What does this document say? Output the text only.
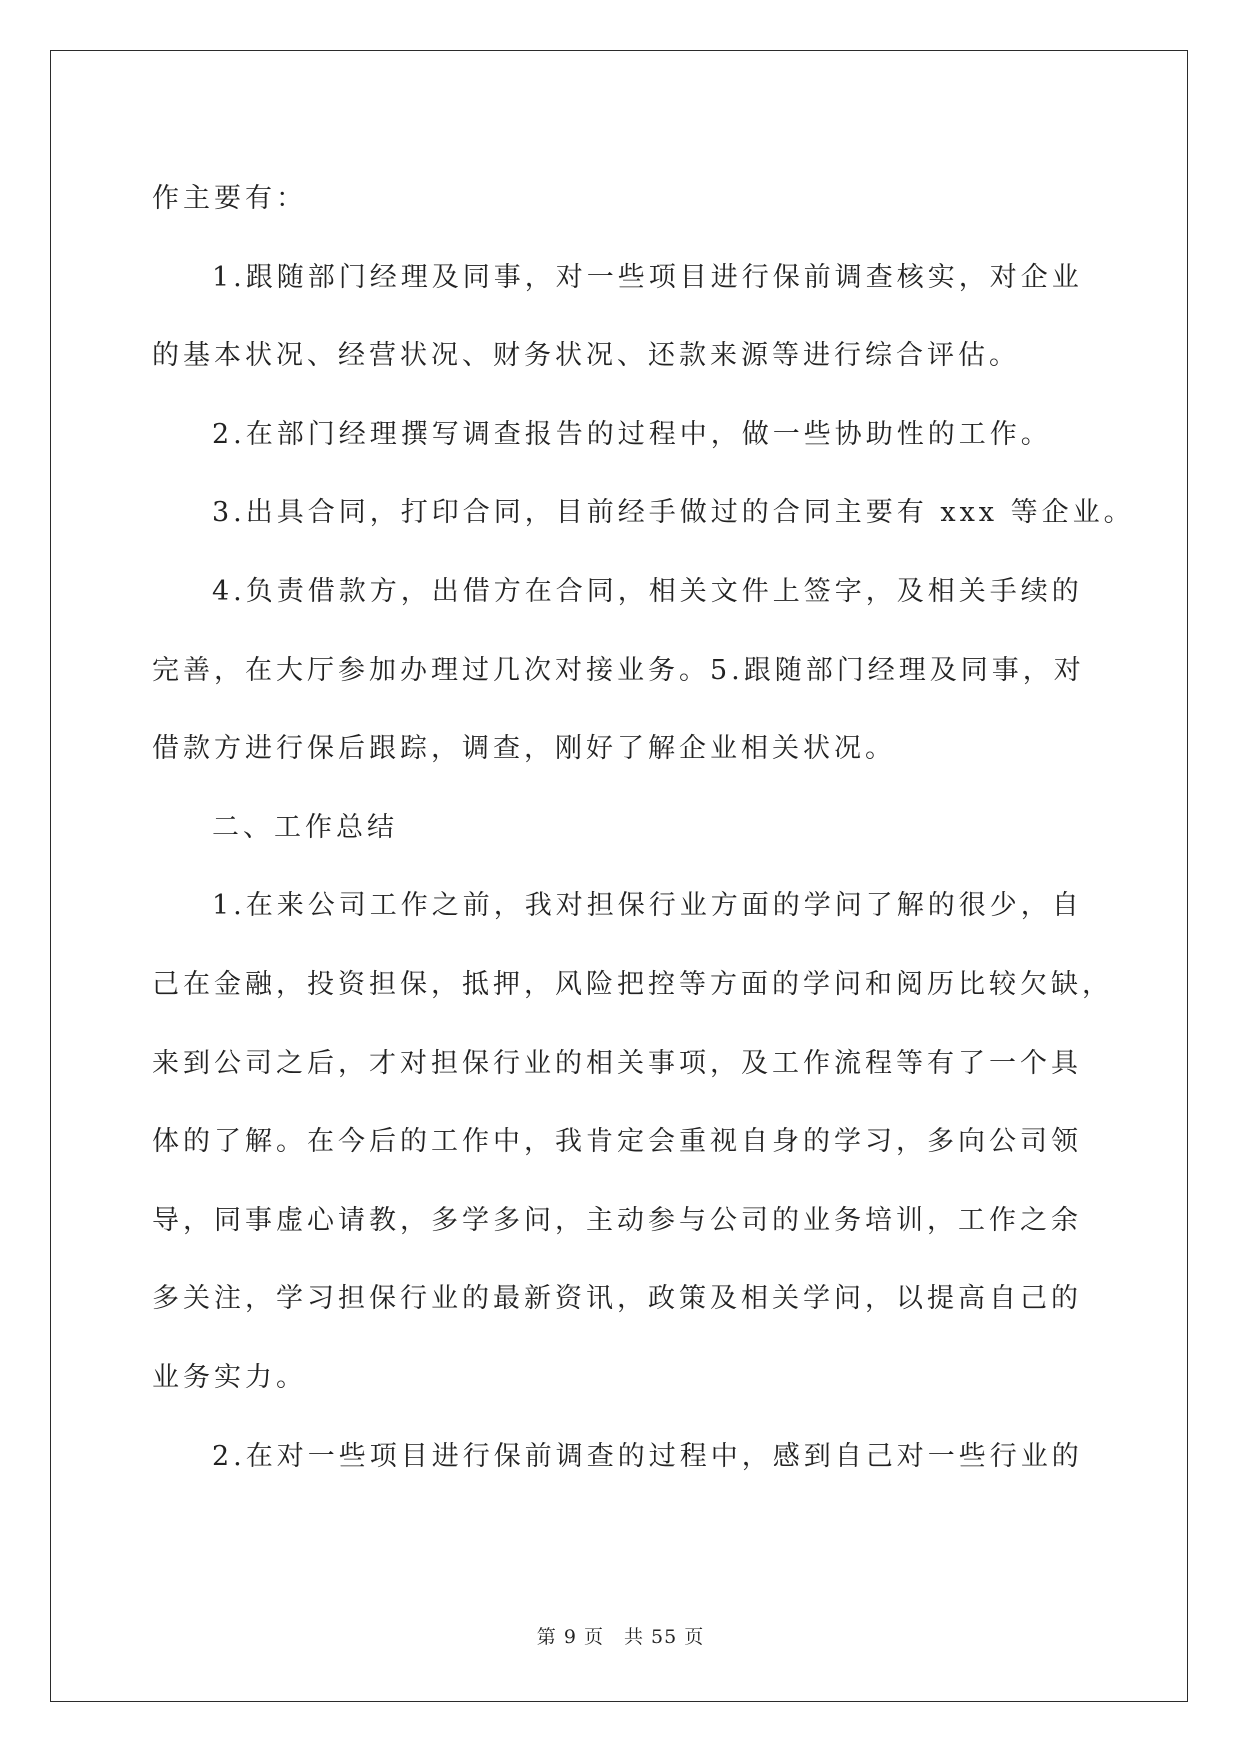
作主要有：

1.跟随部门经理及同事，对一些项目进行保前调查核实，对企业

的基本状况、经营状况、财务状况、还款来源等进行综合评估。

2.在部门经理撰写调查报告的过程中，做一些协助性的工作。

3.出具合同，打印合同，目前经手做过的合同主要有 xxx 等企业。

4.负责借款方，出借方在合同，相关文件上签字，及相关手续的

完善，在大厅参加办理过几次对接业务。5.跟随部门经理及同事，对

借款方进行保后跟踪，调查，刚好了解企业相关状况。

二、工作总结

1.在来公司工作之前，我对担保行业方面的学问了解的很少，自

己在金融，投资担保，抵押，风险把控等方面的学问和阅历比较欠缺，

来到公司之后，才对担保行业的相关事项，及工作流程等有了一个具

体的了解。在今后的工作中，我肯定会重视自身的学习，多向公司领

导，同事虚心请教，多学多问，主动参与公司的业务培训，工作之余

多关注，学习担保行业的最新资讯，政策及相关学问，以提高自己的

业务实力。

2.在对一些项目进行保前调查的过程中，感到自己对一些行业的

第 9 页　共 55 页
